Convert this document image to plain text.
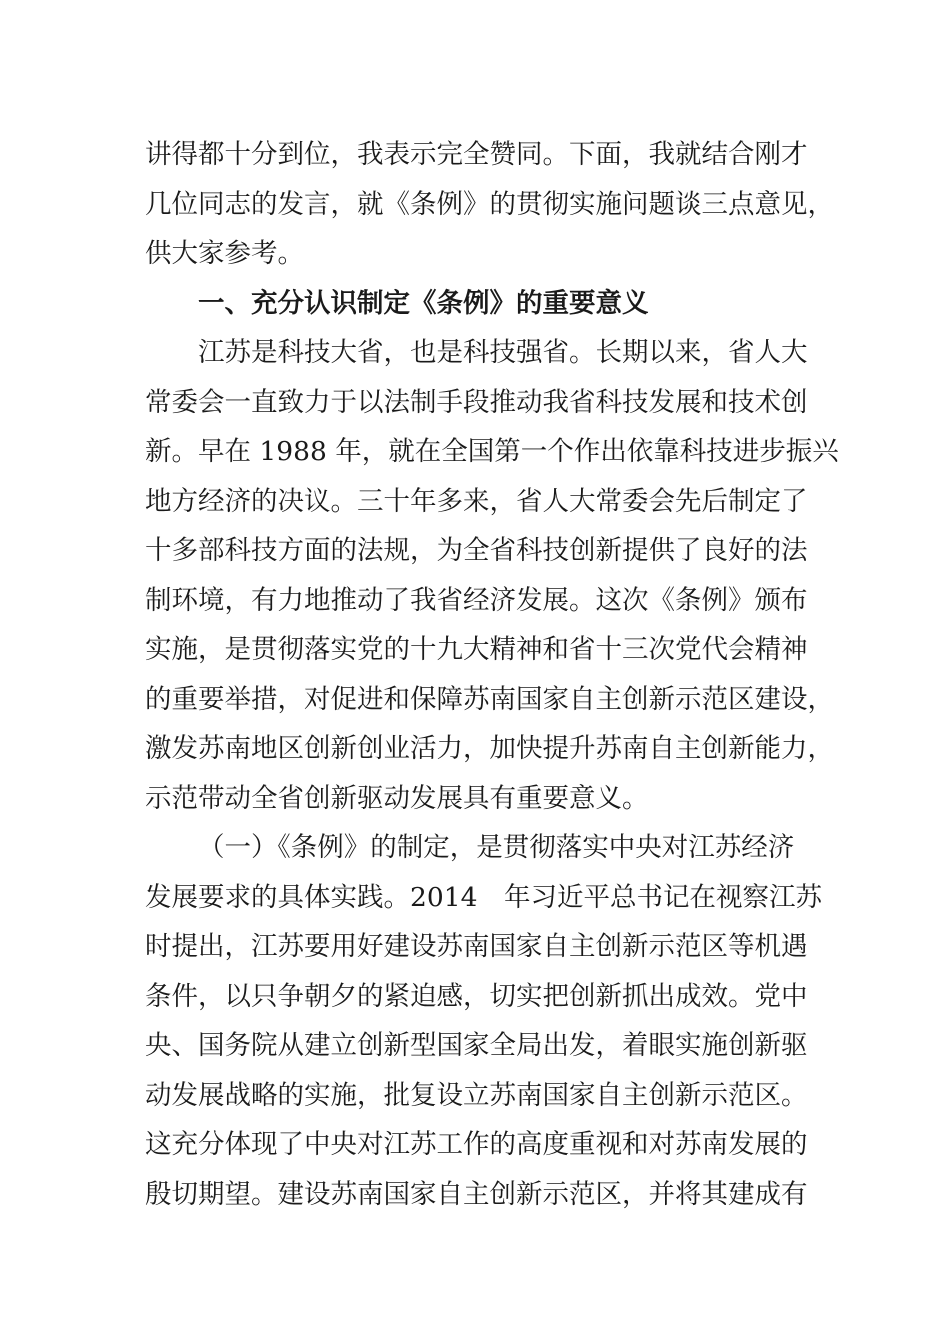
讲得都十分到位，我表示完全赞同。下面，我就结合刚才
几位同志的发言，就《条例》的贯彻实施问题谈三点意见，
供大家参考。
一、充分认识制定《条例》的重要意义
江苏是科技大省，也是科技强省。长期以来，省人大
常委会一直致力于以法制手段推动我省科技发展和技术创
新。早在 1988 年，就在全国第一个作出依靠科技进步振兴
地方经济的决议。三十年多来，省人大常委会先后制定了
十多部科技方面的法规，为全省科技创新提供了良好的法
制环境，有力地推动了我省经济发展。这次《条例》颁布
实施，是贯彻落实党的十九大精神和省十三次党代会精神
的重要举措，对促进和保障苏南国家自主创新示范区建设，
激发苏南地区创新创业活力，加快提升苏南自主创新能力，
示范带动全省创新驱动发展具有重要意义。
（一）《条例》的制定，是贯彻落实中央对江苏经济
发展要求的具体实践。2014　年习近平总书记在视察江苏
时提出，江苏要用好建设苏南国家自主创新示范区等机遇
条件，以只争朝夕的紧迫感，切实把创新抓出成效。党中
央、国务院从建立创新型国家全局出发，着眼实施创新驱
动发展战略的实施，批复设立苏南国家自主创新示范区。
这充分体现了中央对江苏工作的高度重视和对苏南发展的
殷切期望。建设苏南国家自主创新示范区，并将其建成有
